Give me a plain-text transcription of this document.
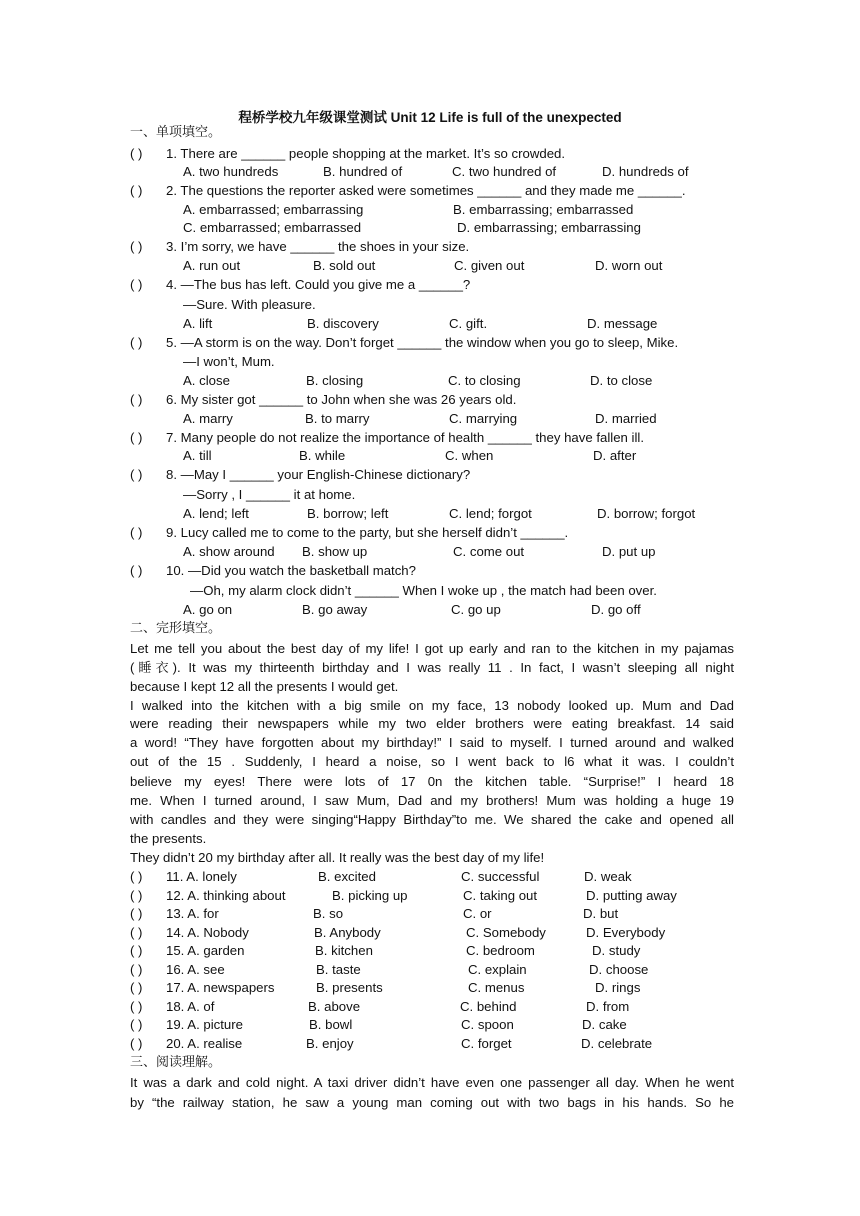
程桥学校九年级课堂测试 Unit 12 Life is full of the unexpected
一、单项填空。
( ) 1. There are ______ people shopping at the market. It’s so crowded.
A. two hundreds	B. hundred of	C. two hundred of	D. hundreds of
( ) 2. The questions the reporter asked were sometimes ______ and they made me ______.
A. embarrassed; embarrassing	B. embarrassing; embarrassed
C. embarrassed; embarrassed	D. embarrassing; embarrassing
( ) 3. I’m sorry, we have ______ the shoes in your size.
A. run out	B. sold out	C. given out	D. worn out
( ) 4. —The bus has left. Could you give me a ______?
—Sure. With pleasure.
A. lift	B. discovery	C. gift.	D. message
( ) 5. —A storm is on the way. Don’t forget ______ the window when you go to sleep, Mike.
—I won’t, Mum.
A. close	B. closing	C. to closing	D. to close
( ) 6. My sister got ______ to John when she was 26 years old.
A. marry	B. to marry	C. marrying	D. married
( ) 7. Many people do not realize the importance of health ______ they have fallen ill.
A. till	B. while	C. when	D. after
( ) 8. —May I ______ your English-Chinese dictionary?
—Sorry , I ______ it at home.
A. lend; left	B. borrow; left	C. lend; forgot	D. borrow; forgot
( ) 9. Lucy called me to come to the party, but she herself didn’t ______.
A. show around B. show up	C. come out	D. put up
( ) 10. —Did you watch the basketball match?
—Oh, my alarm clock didn’t ______ When I woke up , the match had been over.
A. go on	B. go away	C. go up	D. go off
二、完形填空。
Let me tell you about the best day of my life! I got up early and ran to the kitchen in my pajamas
(睡衣). It was my thirteenth birthday and I was really 11 . In fact, I wasn’t sleeping all night
because I kept 12 all the presents I would get.
I walked into the kitchen with a big smile on my face, 13 nobody looked up. Mum and Dad
were reading their newspapers while my two elder brothers were eating breakfast. 14 said
a word! “They have forgotten about my birthday!” I said to myself. I turned around and walked
out of the 15 . Suddenly, I heard a noise, so I went back to l6 what it was. I couldn’t
believe my eyes! There were lots of 17 0n the kitchen table. “Surprise!” I heard 18
me. When I turned around, I saw Mum, Dad and my brothers! Mum was holding a huge 19
with candles and they were singing“Happy Birthday”to me. We shared the cake and opened all
the presents.
They didn’t 20 my birthday after all. It really was the best day of my life!
( ) 11. A. lonely	B. excited	C. successful	D. weak
( ) 12. A. thinking about	B. picking up	C. taking out	D. putting away
( ) 13. A. for	B. so	C. or	D. but
( ) 14. A. Nobody	B. Anybody	C. Somebody	D. Everybody
( ) 15. A. garden	B. kitchen	C. bedroom	D. study
( ) 16. A. see	B. taste	C. explain	D. choose
( ) 17. A. newspapers	B. presents	C. menus	D. rings
( ) 18. A. of	B. above	C. behind	D. from
( ) 19. A. picture	B. bowl	C. spoon	D. cake
( ) 20. A. realise	B. enjoy	C. forget	D. celebrate
三、阅读理解。
It was a dark and cold night. A taxi driver didn’t have even one passenger all day. When he went
by “the railway station, he saw a young man coming out with two bags in his hands. So he
